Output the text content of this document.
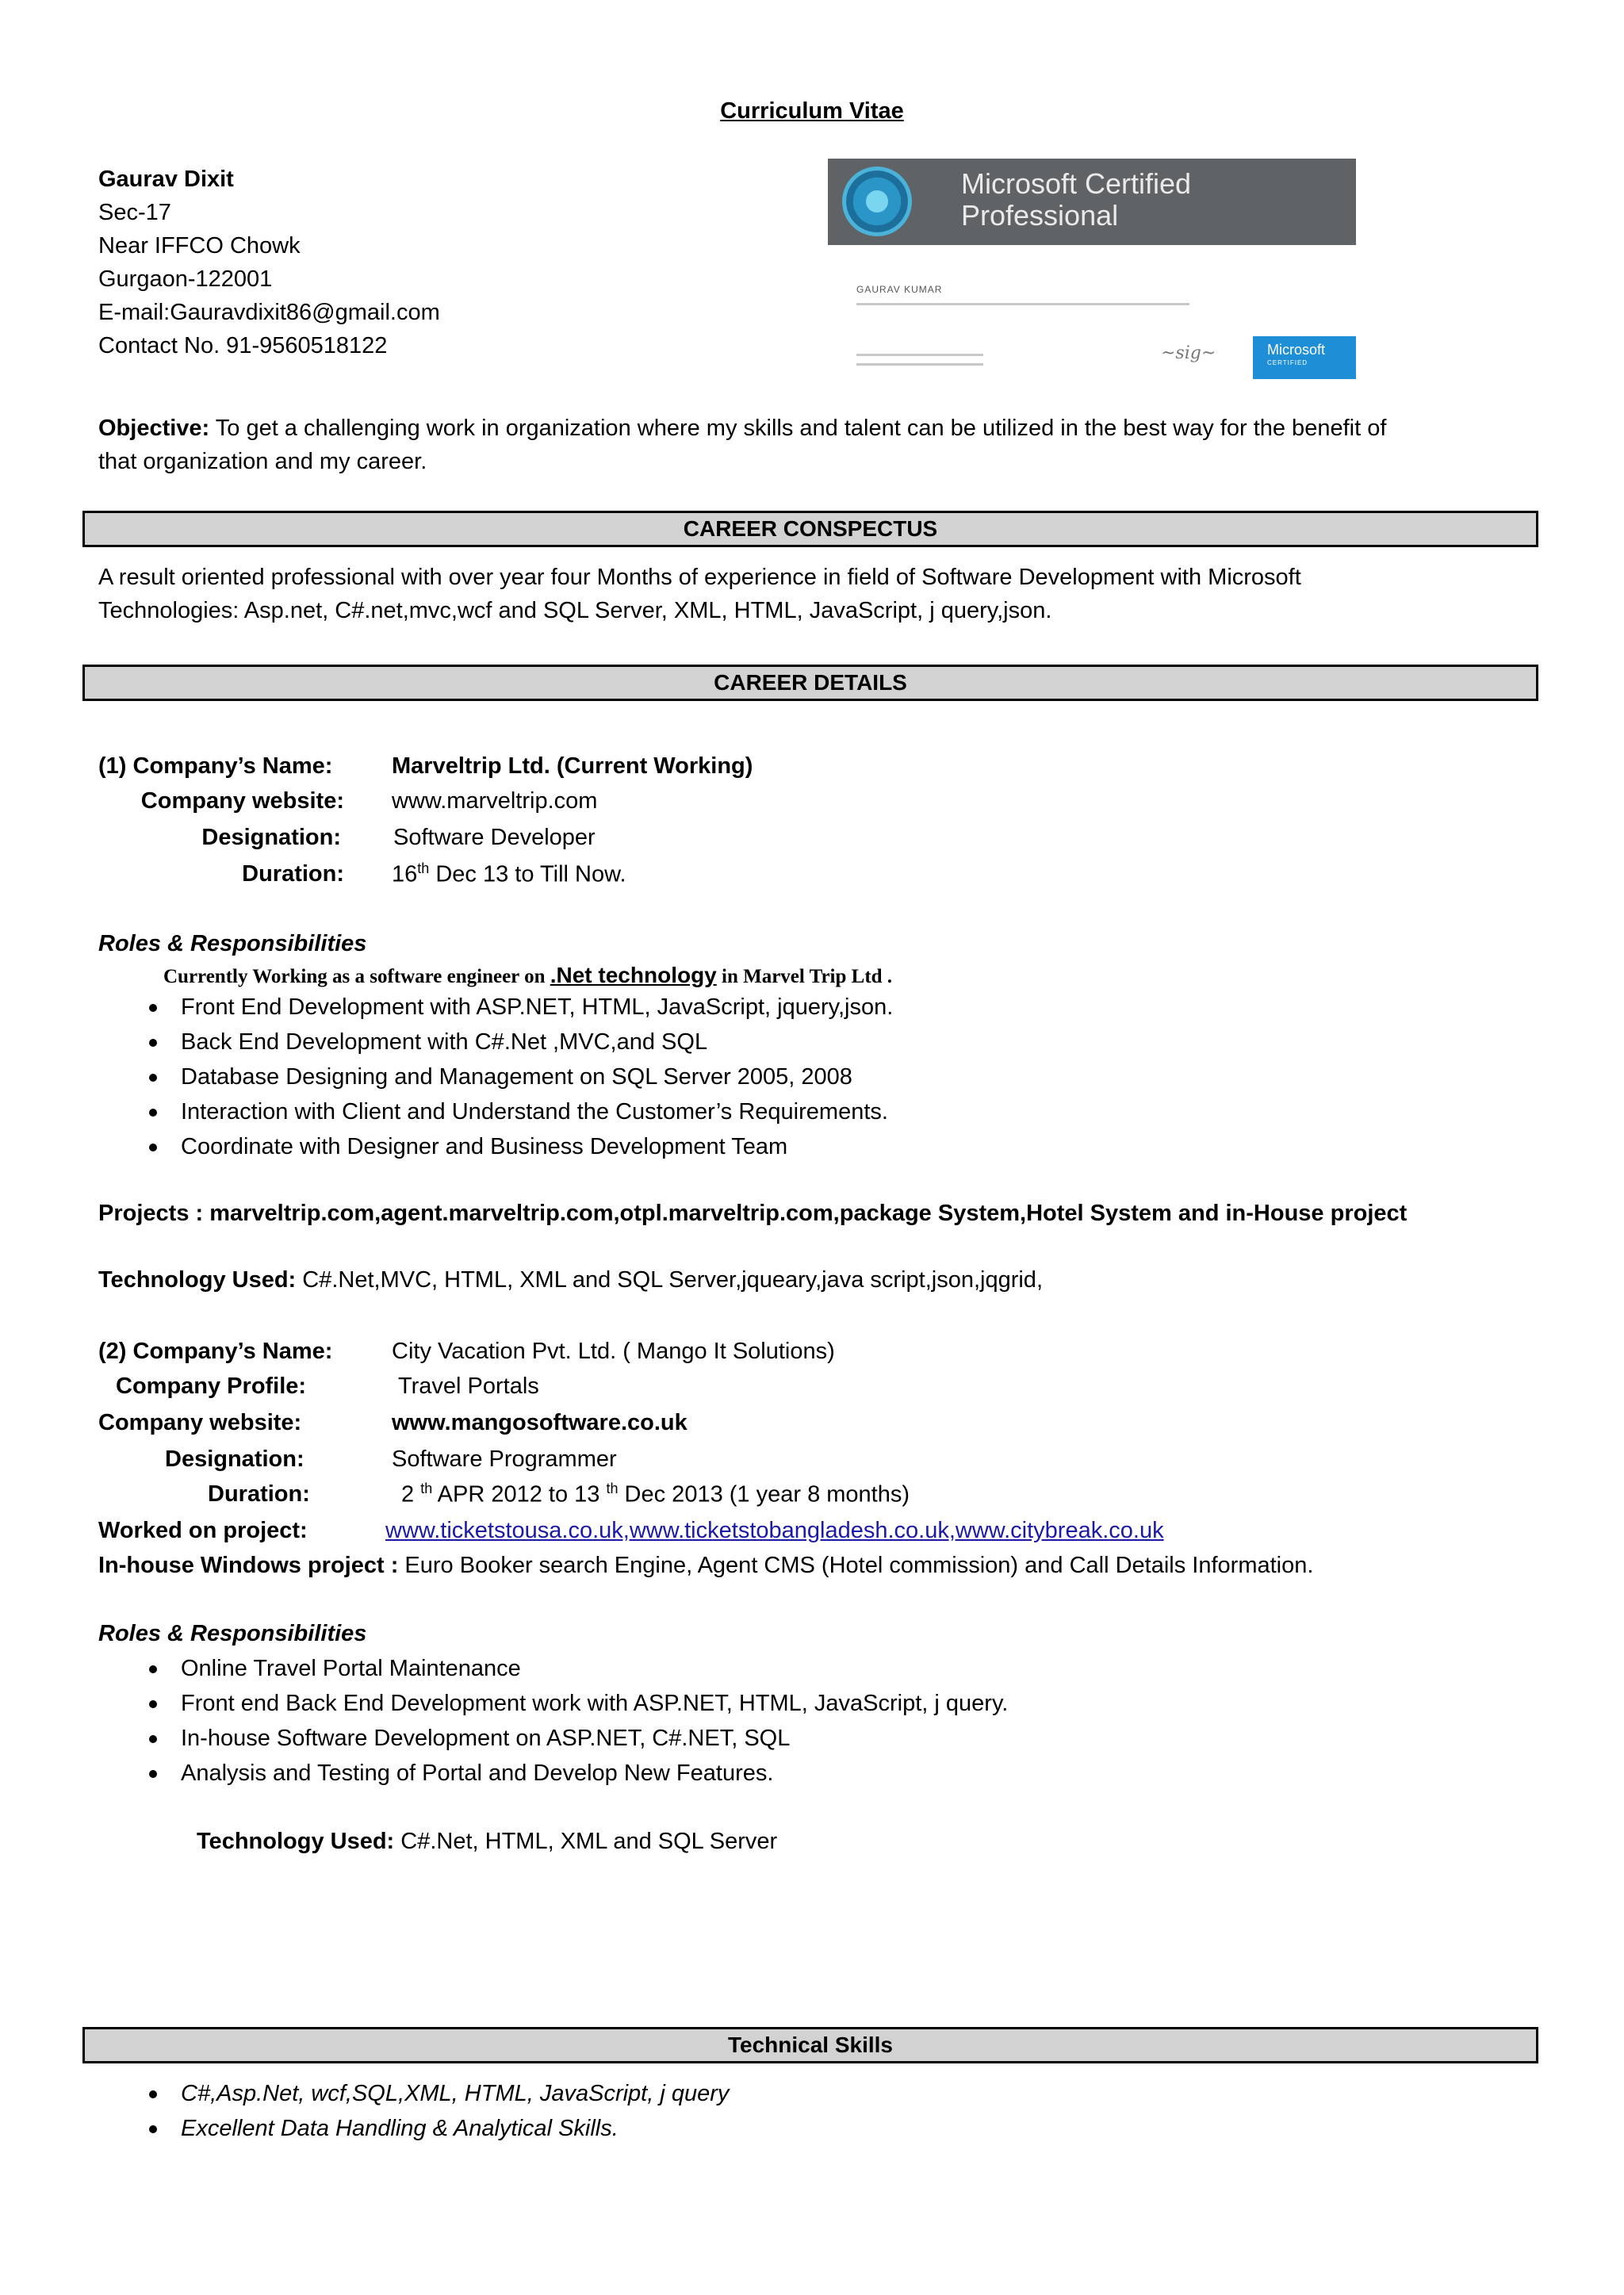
Curriculum Vitae
Gaurav Dixit
Sec-17
Near IFFCO Chowk
Gurgaon-122001
E-mail:Gauravdixit86@gmail.com
Contact No. 91-9560518122
Microsoft Certified
Professional
GAURAV KUMAR
~sig~	Microsoft
CERTIFIED
Objective: To get a challenging work in organization where my skills and talent can be utilized in the best way for the benefit of
that organization and my career.
CAREER CONSPECTUS
A result oriented professional with over year four Months of experience in field of Software Development with Microsoft
Technologies: Asp.net, C#.net,mvc,wcf and SQL Server, XML, HTML, JavaScript, j query,json.
CAREER DETAILS
(1) Company’s Name:	Marveltrip Ltd. (Current Working)
Company website: www.marveltrip.com
Designation: Software Developer
Duration: 16th Dec 13 to Till Now.
Roles & Responsibilities
Currently Working as a software engineer on .Net technology in Marvel Trip Ltd .
Front End Development with ASP.NET, HTML, JavaScript, jquery,json.
Back End Development with C#.Net ,MVC,and SQL
Database Designing and Management on SQL Server 2005, 2008
Interaction with Client and Understand the Customer’s Requirements.
Coordinate with Designer and Business Development Team
Projects : marveltrip.com,agent.marveltrip.com,otpl.marveltrip.com,package System,Hotel System and in-House project
Technology Used: C#.Net,MVC, HTML, XML and SQL Server,jqueary,java script,json,jqgrid,
(2) Company’s Name:	City Vacation Pvt. Ltd. ( Mango It Solutions)
Company Profile:	Travel Portals
Company website:	www.mangosoftware.co.uk
Designation:	Software Programmer
Duration:	2 $^{th}$ APR 2012 to 13 $^{th}$ Dec 2013 (1 year 8 months)
Worked on project:	www.ticketstousa.co.uk,www.ticketstobangladesh.co.uk,www.citybreak.co.uk
In-house Windows project : Euro Booker search Engine, Agent CMS (Hotel commission) and Call Details Information.
Roles & Responsibilities
Online Travel Portal Maintenance
Front end Back End Development work with ASP.NET, HTML, JavaScript, j query.
In-house Software Development on ASP.NET, C#.NET, SQL
Analysis and Testing of Portal and Develop New Features.
Technology Used: C#.Net, HTML, XML and SQL Server
Technical Skills
C#,Asp.Net, wcf,SQL,XML, HTML, JavaScript, j query
Excellent Data Handling & Analytical Skills.
